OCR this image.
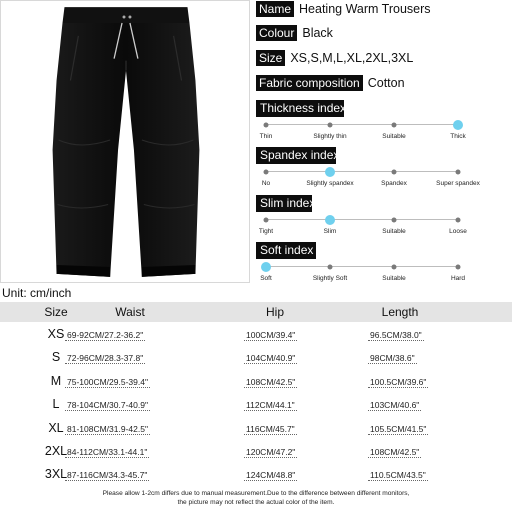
Name Heating Warm Trousers
Colour Black
Size XS,S,M,L,XL,2XL,3XL
Fabric composition Cotton
Thickness index
Thin	Slightly thin	Suitable	Thick
Spandex index
No	Slightly spandex	Spandex	Super spandex
Slim index
Tight	Slim	Suitable	Loose
Soft index
Soft	Slightly Soft	Suitable	Hard
Unit: cm/inch
Size	Waist	Hip	Length
XS 69-92CM/27.2-36.2"	100CM/39.4"	96.5CM/38.0"
S 72-96CM/28.3-37.8"	104CM/40.9"	98CM/38.6"
M 75-100CM/29.5-39.4"	108CM/42.5"	100.5CM/39.6"
L 78-104CM/30.7-40.9"	112CM/44.1"	103CM/40.6"
XL 81-108CM/31.9-42.5"	116CM/45.7"	105.5CM/41.5"
2XL 84-112CM/33.1-44.1"	120CM/47.2"	108CM/42.5"
3XL 87-116CM/34.3-45.7"	124CM/48.8"	110.5CM/43.5"
Please allow 1-2cm differs due to manual measurement.Due to the difference between different monitors,
the picture may not reflect the actual color of the item.
